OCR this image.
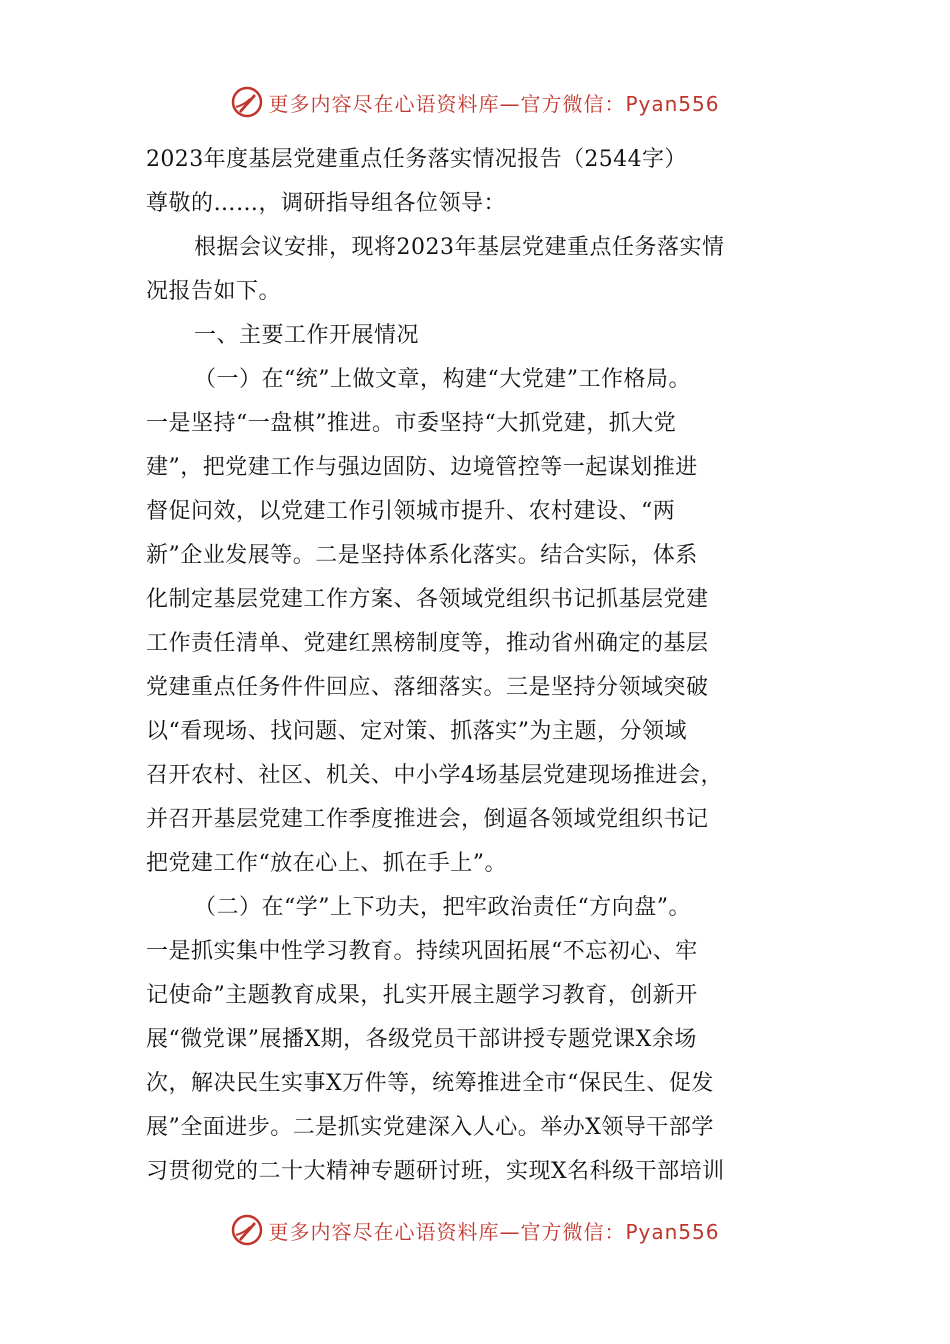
更多内容尽在心语资料库—官方微信：Pyan556
2023年度基层党建重点任务落实情况报告（2544字）
尊敬的……，调研指导组各位领导：
根据会议安排，现将2023年基层党建重点任务落实情
况报告如下。
一、主要工作开展情况
（一）在“统”上做文章，构建“大党建”工作格局。
一是坚持“一盘棋”推进。市委坚持“大抓党建，抓大党
建”，把党建工作与强边固防、边境管控等一起谋划推进
督促问效，以党建工作引领城市提升、农村建设、“两
新”企业发展等。二是坚持体系化落实。结合实际，体系
化制定基层党建工作方案、各领域党组织书记抓基层党建
工作责任清单、党建红黑榜制度等，推动省州确定的基层
党建重点任务件件回应、落细落实。三是坚持分领域突破
以“看现场、找问题、定对策、抓落实”为主题，分领域
召开农村、社区、机关、中小学4场基层党建现场推进会，
并召开基层党建工作季度推进会，倒逼各领域党组织书记
把党建工作“放在心上、抓在手上”。
（二）在“学”上下功夫，把牢政治责任“方向盘”。
一是抓实集中性学习教育。持续巩固拓展“不忘初心、牢
记使命”主题教育成果，扎实开展主题学习教育，创新开
展“微党课”展播X期，各级党员干部讲授专题党课X余场
次，解决民生实事X万件等，统筹推进全市“保民生、促发
展”全面进步。二是抓实党建深入人心。举办X领导干部学
习贯彻党的二十大精神专题研讨班，实现X名科级干部培训
更多内容尽在心语资料库—官方微信：Pyan556
